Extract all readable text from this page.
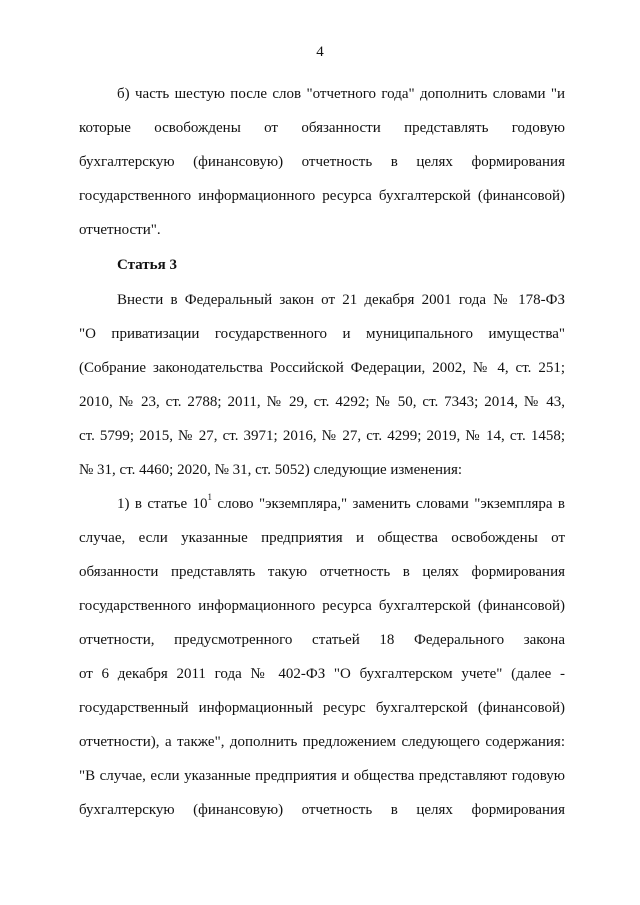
4
б) часть шестую после слов "отчетного года" дополнить словами "и
которые освобождены от обязанности представлять годовую
бухгалтерскую (финансовую) отчетность в целях формирования
государственного информационного ресурса бухгалтерской (финансовой)
отчетности".
Статья 3
Внести в Федеральный закон от 21 декабря 2001 года № 178-ФЗ
"О приватизации государственного и муниципального имущества"
(Собрание законодательства Российской Федерации, 2002, № 4, ст. 251;
2010, № 23, ст. 2788; 2011, № 29, ст. 4292; № 50, ст. 7343; 2014, № 43,
ст. 5799; 2015, № 27, ст. 3971; 2016, № 27, ст. 4299; 2019, № 14, ст. 1458;
№ 31, ст. 4460; 2020, № 31, ст. 5052) следующие изменения:
1) в статье $10^1$ слово "экземпляра," заменить словами "экземпляра в
случае, если указанные предприятия и общества освобождены от
обязанности представлять такую отчетность в целях формирования
государственного информационного ресурса бухгалтерской (финансовой)
отчетности, предусмотренного статьей 18 Федерального закона
от 6 декабря 2011 года № 402-ФЗ "О бухгалтерском учете" (далее -
государственный информационный ресурс бухгалтерской (финансовой)
отчетности), а также", дополнить предложением следующего содержания:
"В случае, если указанные предприятия и общества представляют годовую
бухгалтерскую (финансовую) отчетность в целях формирования
